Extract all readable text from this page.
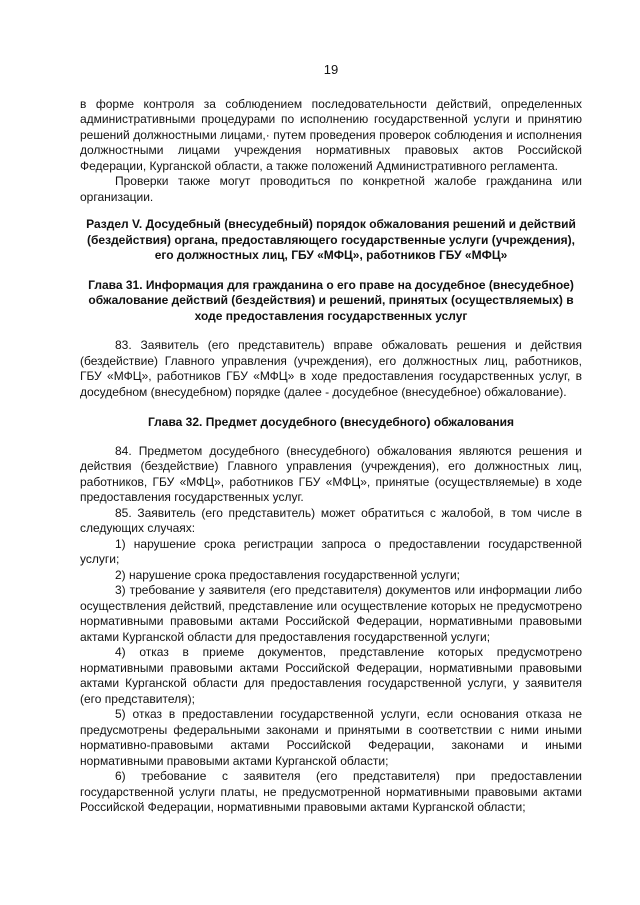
19

в форме контроля за соблюдением последовательности действий, определенных административными процедурами по исполнению государственной услуги и принятию решений должностными лицами,· путем проведения проверок соблюдения и исполнения должностными лицами учреждения нормативных правовых актов Российской Федерации, Курганской области, а также положений Административного регламента.

Проверки также могут проводиться по конкретной жалобе гражданина или организации.

Раздел V. Досудебный (внесудебный) порядок обжалования решений и действий (бездействия) органа, предоставляющего государственные услуги (учреждения), его должностных лиц, ГБУ «МФЦ», работников ГБУ «МФЦ»
Глава 31. Информация для гражданина о его праве на досудебное (внесудебное) обжалование действий (бездействия) и решений, принятых (осуществляемых) в ходе предоставления государственных услуг

83. Заявитель (его представитель) вправе обжаловать решения и действия (бездействие) Главного управления (учреждения), его должностных лиц, работников, ГБУ «МФЦ», работников ГБУ «МФЦ» в ходе предоставления государственных услуг, в досудебном (внесудебном) порядке (далее - досудебное (внесудебное) обжалование).

Глава 32. Предмет досудебного (внесудебного) обжалования

84. Предметом досудебного (внесудебного) обжалования являются решения и действия (бездействие) Главного управления (учреждения), его должностных лиц, работников, ГБУ «МФЦ», работников ГБУ «МФЦ», принятые (осуществляемые) в ходе предоставления государственных услуг.

85. Заявитель (его представитель) может обратиться с жалобой, в том числе в следующих случаях:

1) нарушение срока регистрации запроса о предоставлении государственной услуги;

2) нарушение срока предоставления государственной услуги;

3) требование у заявителя (его представителя) документов или информации либо осуществления действий, представление или осуществление которых не предусмотрено нормативными правовыми актами Российской Федерации, нормативными правовыми актами Курганской области для предоставления государственной услуги;

4) отказ в приеме документов, представление которых предусмотрено нормативными правовыми актами Российской Федерации, нормативными правовыми актами Курганской области для предоставления государственной услуги, у заявителя (его представителя);

5) отказ в предоставлении государственной услуги, если основания отказа не предусмотрены федеральными законами и принятыми в соответствии с ними иными нормативно-правовыми актами Российской Федерации, законами и иными нормативными правовыми актами Курганской области;

6) требование с заявителя (его представителя) при предоставлении государственной услуги платы, не предусмотренной нормативными правовыми актами Российской Федерации, нормативными правовыми актами Курганской области;
